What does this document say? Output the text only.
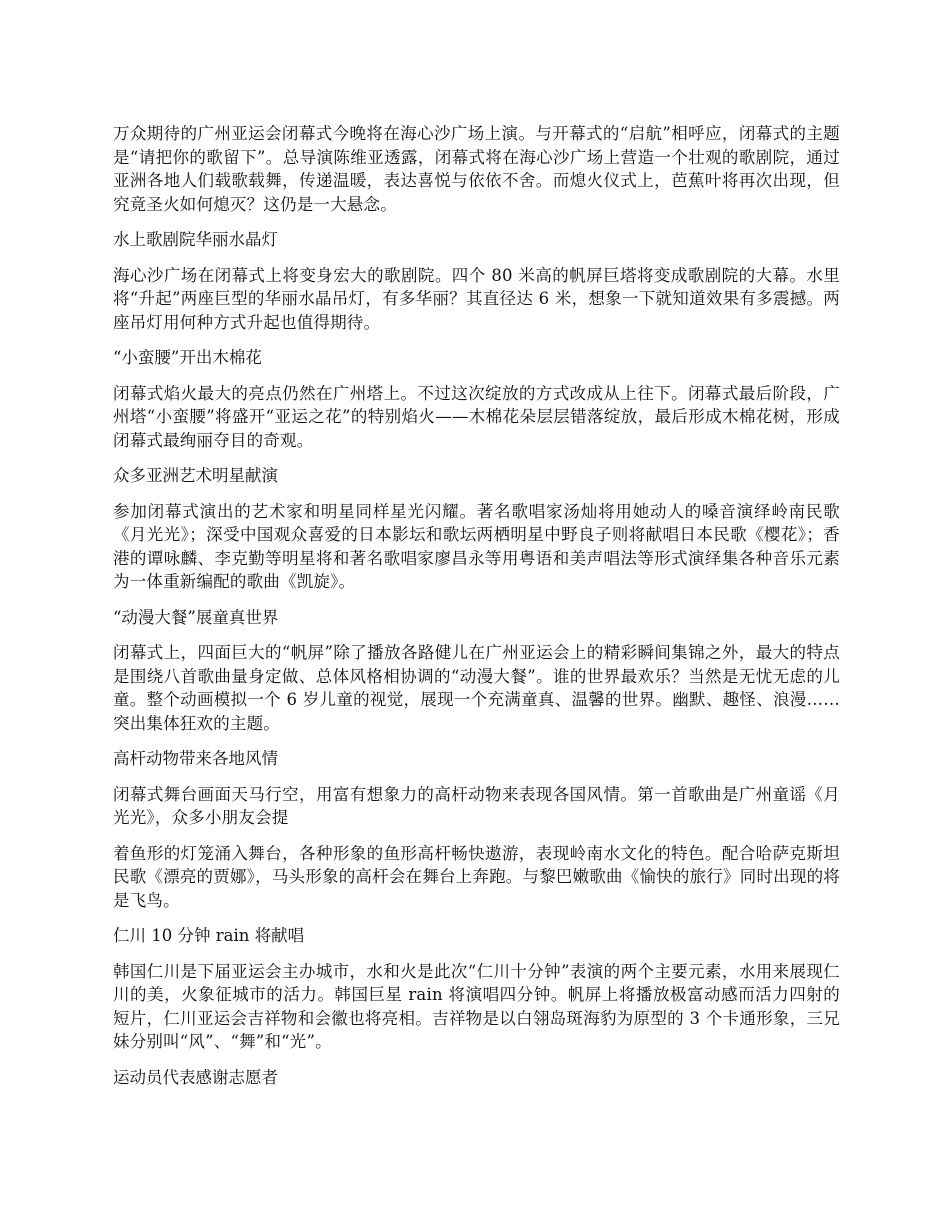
万众期待的广州亚运会闭幕式今晚将在海心沙广场上演。与开幕式的“启航”相呼应，闭幕式的主题是“请把你的歌留下”。总导演陈维亚透露，闭幕式将在海心沙广场上营造一个壮观的歌剧院，通过亚洲各地人们载歌载舞，传递温暖，表达喜悦与依依不舍。而熄火仪式上，芭蕉叶将再次出现，但究竟圣火如何熄灭？这仍是一大悬念。

水上歌剧院华丽水晶灯

海心沙广场在闭幕式上将变身宏大的歌剧院。四个 80 米高的帆屏巨塔将变成歌剧院的大幕。水里将“升起”两座巨型的华丽水晶吊灯，有多华丽？其直径达 6 米，想象一下就知道效果有多震撼。两座吊灯用何种方式升起也值得期待。

“小蛮腰”开出木棉花

闭幕式焰火最大的亮点仍然在广州塔上。不过这次绽放的方式改成从上往下。闭幕式最后阶段，广州塔“小蛮腰”将盛开“亚运之花”的特别焰火——木棉花朵层层错落绽放，最后形成木棉花树，形成闭幕式最绚丽夺目的奇观。

众多亚洲艺术明星献演

参加闭幕式演出的艺术家和明星同样星光闪耀。著名歌唱家汤灿将用她动人的嗓音演绎岭南民歌《月光光》；深受中国观众喜爱的日本影坛和歌坛两栖明星中野良子则将献唱日本民歌《樱花》；香港的谭咏麟、李克勤等明星将和著名歌唱家廖昌永等用粤语和美声唱法等形式演绎集各种音乐元素为一体重新编配的歌曲《凯旋》。

“动漫大餐”展童真世界

闭幕式上，四面巨大的“帆屏”除了播放各路健儿在广州亚运会上的精彩瞬间集锦之外，最大的特点是围绕八首歌曲量身定做、总体风格相协调的“动漫大餐”。谁的世界最欢乐？当然是无忧无虑的儿童。整个动画模拟一个 6 岁儿童的视觉，展现一个充满童真、温馨的世界。幽默、趣怪、浪漫……突出集体狂欢的主题。

高杆动物带来各地风情

闭幕式舞台画面天马行空，用富有想象力的高杆动物来表现各国风情。第一首歌曲是广州童谣《月光光》，众多小朋友会提

着鱼形的灯笼涌入舞台，各种形象的鱼形高杆畅快遨游，表现岭南水文化的特色。配合哈萨克斯坦民歌《漂亮的贾娜》，马头形象的高杆会在舞台上奔跑。与黎巴嫩歌曲《愉快的旅行》同时出现的将是飞鸟。

仁川 10 分钟 rain 将献唱

韩国仁川是下届亚运会主办城市，水和火是此次“仁川十分钟”表演的两个主要元素，水用来展现仁川的美，火象征城市的活力。韩国巨星 rain 将演唱四分钟。帆屏上将播放极富动感而活力四射的短片，仁川亚运会吉祥物和会徽也将亮相。吉祥物是以白翎岛斑海豹为原型的 3 个卡通形象，三兄妹分别叫“风”、“舞”和“光”。

运动员代表感谢志愿者
